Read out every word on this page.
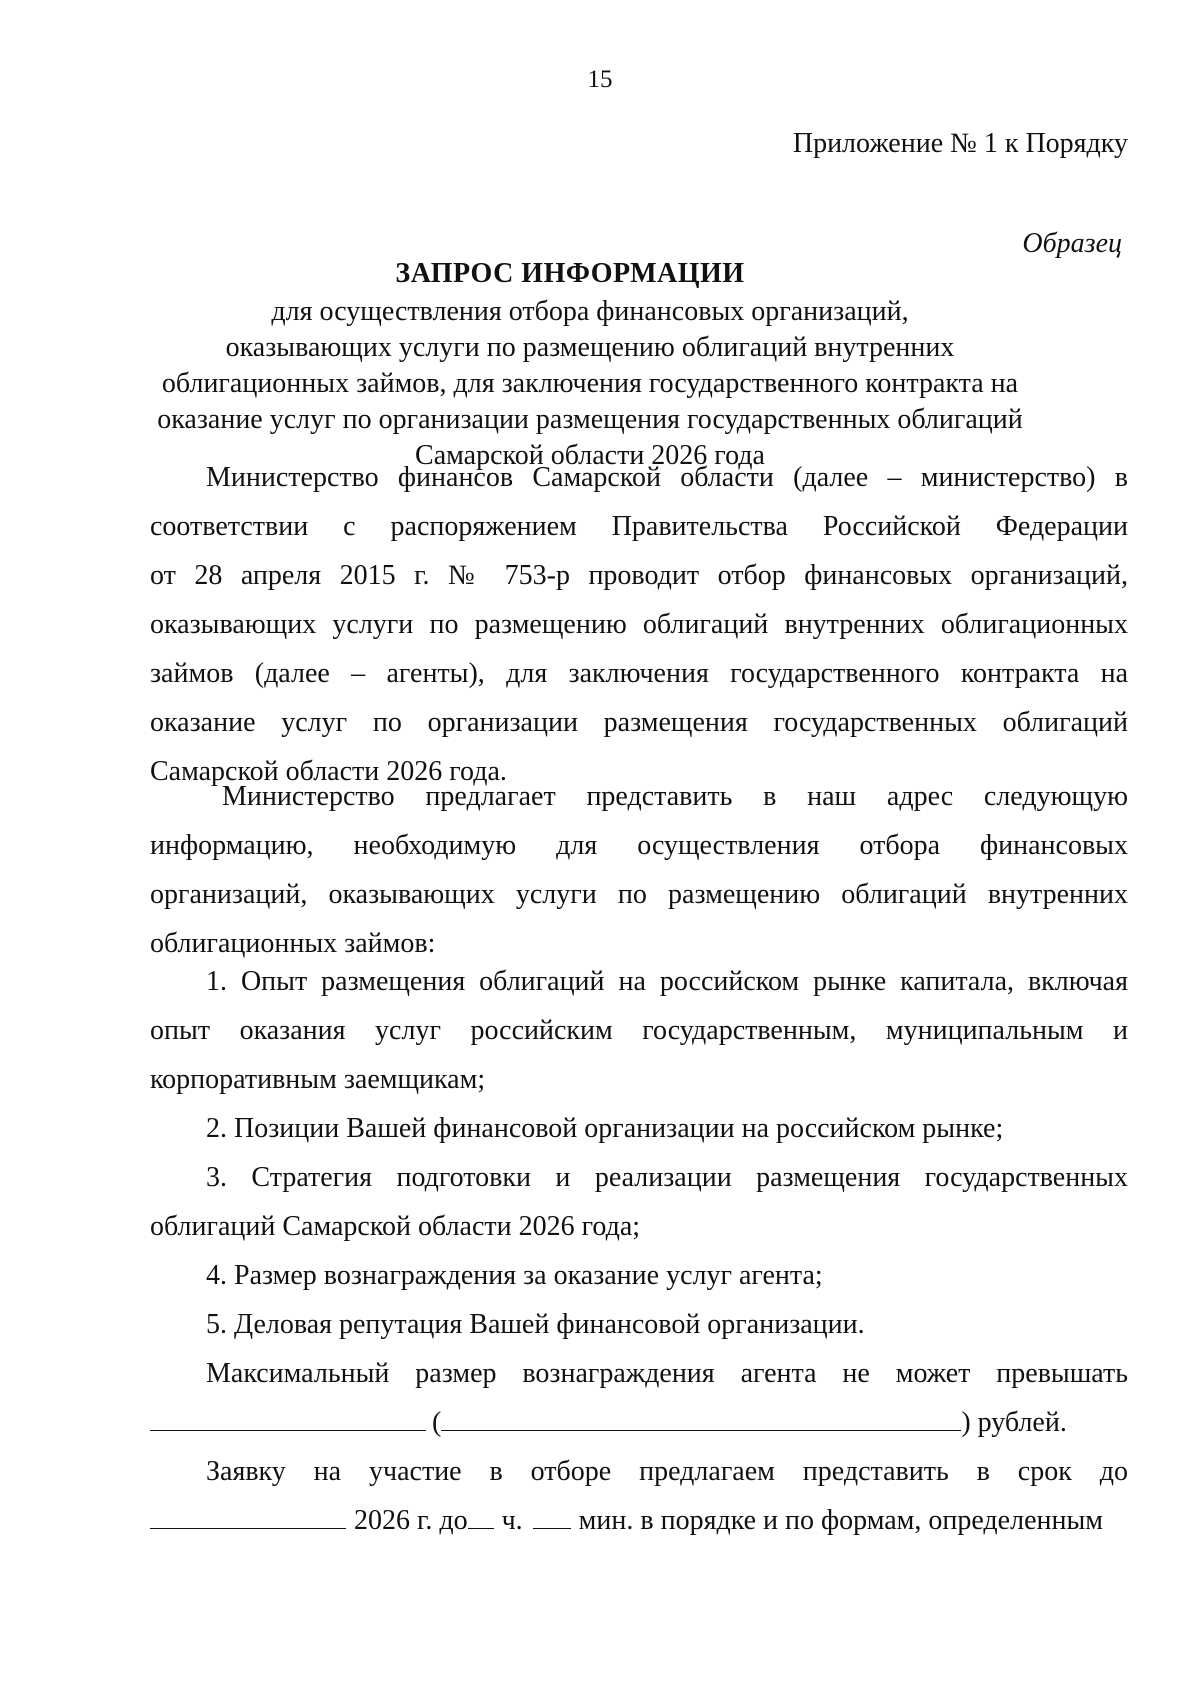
15
Приложение № 1 к Порядку
Образец
ЗАПРОС ИНФОРМАЦИИ
для осуществления отбора финансовых организаций,
оказывающих услуги по размещению облигаций внутренних
облигационных займов, для заключения государственного контракта на
оказание услуг по организации размещения государственных облигаций
Самарской области 2026 года
Министерство финансов Самарской области (далее – министерство) в
соответствии с распоряжением Правительства Российской Федерации
от 28 апреля 2015 г. № 753-р проводит отбор финансовых организаций,
оказывающих услуги по размещению облигаций внутренних облигационных
займов (далее – агенты), для заключения государственного контракта на
оказание услуг по организации размещения государственных облигаций
Самарской области 2026 года.
Министерство предлагает представить в наш адрес следующую
информацию, необходимую для осуществления отбора финансовых
организаций, оказывающих услуги по размещению облигаций внутренних
облигационных займов:
1. Опыт размещения облигаций на российском рынке капитала, включая
опыт оказания услуг российским государственным, муниципальным и
корпоративным заемщикам;
2. Позиции Вашей финансовой организации на российском рынке;
3. Стратегия подготовки и реализации размещения государственных
облигаций Самарской области 2026 года;
4. Размер вознаграждения за оказание услуг агента;
5. Деловая репутация Вашей финансовой организации.
Максимальный размер вознаграждения агента не может превышать
(	) рублей.
Заявку на участие в отборе предлагаем представить в срок до
2026 г. до ч. мин. в порядке и по формам, определенным
